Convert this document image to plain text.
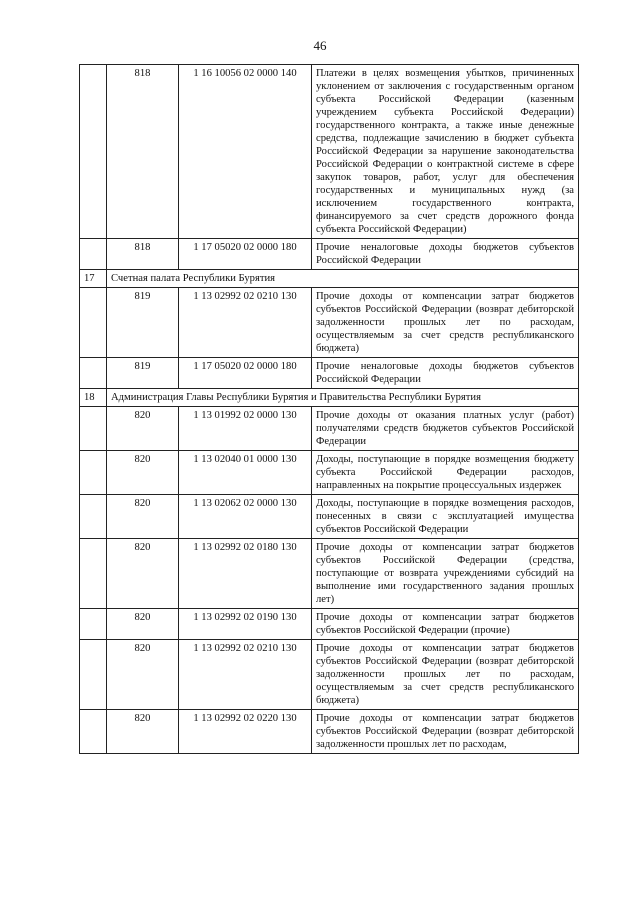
46
	818	1 16 10056 02 0000 140	Платежи в целях возмещения убытков, причиненных уклонением от заключения с государственным органом субъекта Российской Федерации (казенным учреждением субъекта Российской Федерации) государственного контракта, а также иные денежные средства, подлежащие зачислению в бюджет субъекта Российской Федерации за нарушение законодательства Российской Федерации о контрактной системе в сфере закупок товаров, работ, услуг для обеспечения государственных и муниципальных нужд (за исключением государственного контракта, финансируемого за счет средств дорожного фонда субъекта Российской Федерации)
	818	1 17 05020 02 0000 180	Прочие неналоговые доходы бюджетов субъектов Российской Федерации
17	Счетная палата Республики Бурятия		
	819	1 13 02992 02 0210 130	Прочие доходы от компенсации затрат бюджетов субъектов Российской Федерации (возврат дебиторской задолженности прошлых лет по расходам, осуществляемым за счет средств республиканского бюджета)
	819	1 17 05020 02 0000 180	Прочие неналоговые доходы бюджетов субъектов Российской Федерации
18	Администрация Главы Республики Бурятия и Правительства Республики Бурятия		
	820	1 13 01992 02 0000 130	Прочие доходы от оказания платных услуг (работ) получателями средств бюджетов субъектов Российской Федерации
	820	1 13 02040 01 0000 130	Доходы, поступающие в порядке возмещения бюджету субъекта Российской Федерации расходов, направленных на покрытие процессуальных издержек
	820	1 13 02062 02 0000 130	Доходы, поступающие в порядке возмещения расходов, понесенных в связи с эксплуатацией имущества субъектов Российской Федерации
	820	1 13 02992 02 0180 130	Прочие доходы от компенсации затрат бюджетов субъектов Российской Федерации (средства, поступающие от возврата учреждениями субсидий на выполнение ими государственного задания прошлых лет)
	820	1 13 02992 02 0190 130	Прочие доходы от компенсации затрат бюджетов субъектов Российской Федерации (прочие)
	820	1 13 02992 02 0210 130	Прочие доходы от компенсации затрат бюджетов субъектов Российской Федерации (возврат дебиторской задолженности прошлых лет по расходам, осуществляемым за счет средств республиканского бюджета)
	820	1 13 02992 02 0220 130	Прочие доходы от компенсации затрат бюджетов субъектов Российской Федерации (возврат дебиторской задолженности прошлых лет по расходам,
